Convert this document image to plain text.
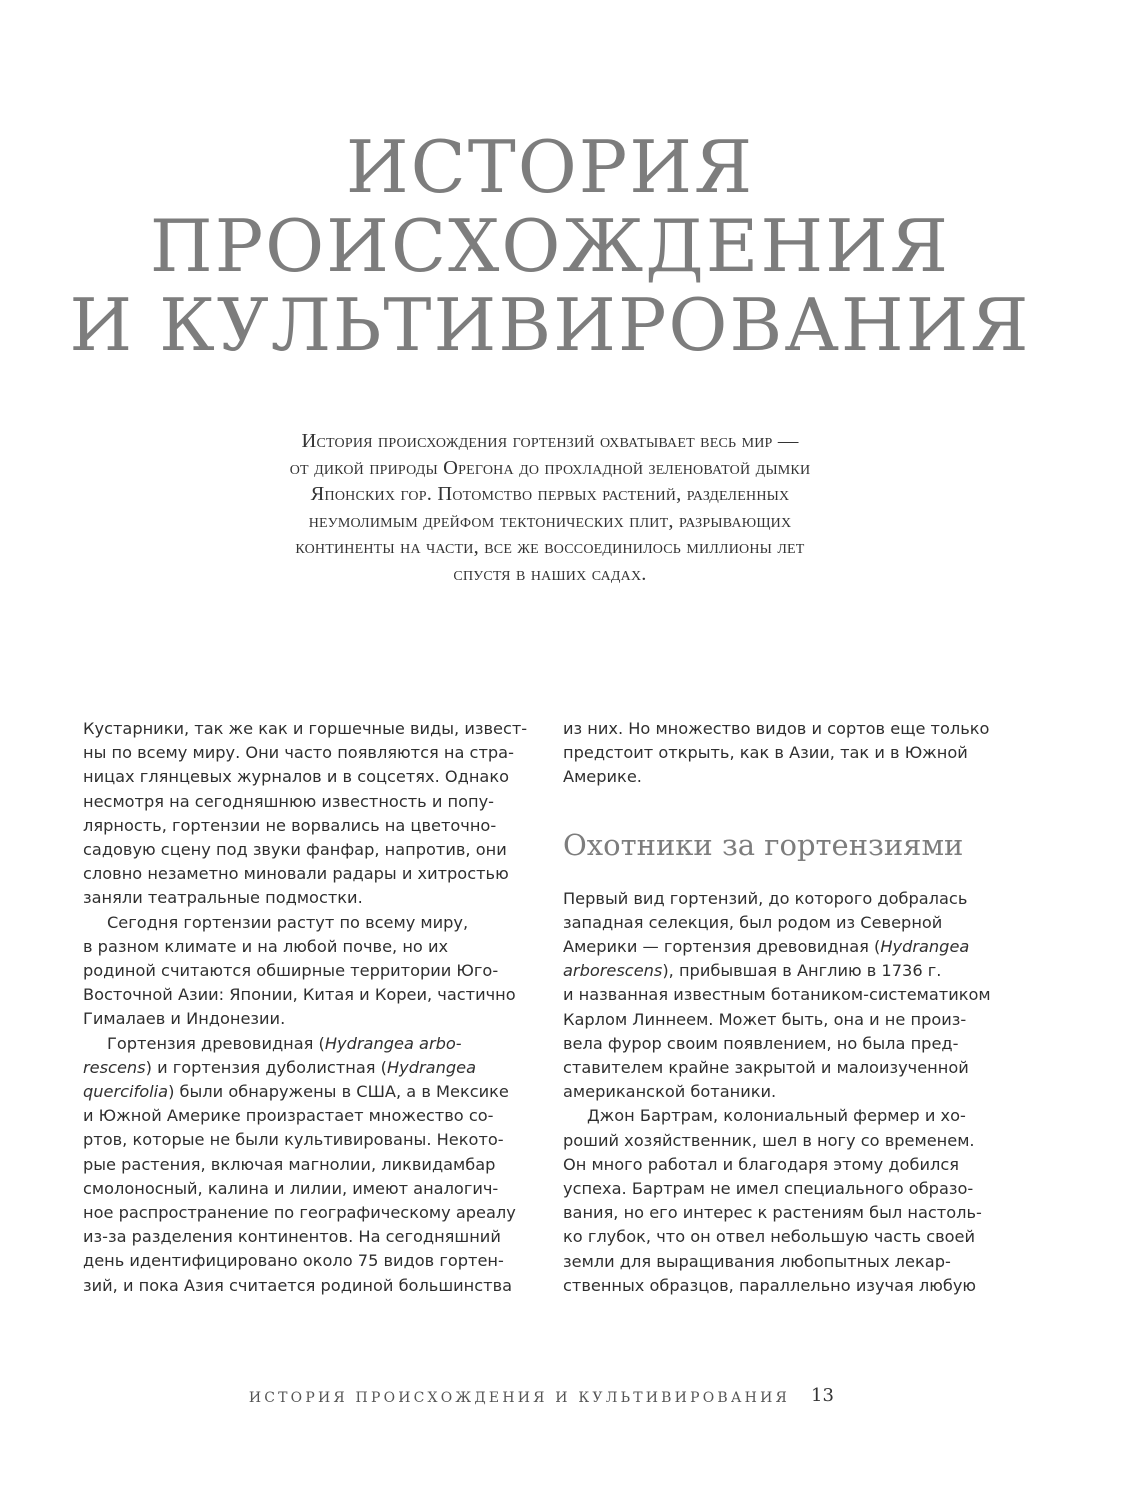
ИСТОРИЯ
ПРОИСХОЖДЕНИЯ
И КУЛЬТИВИРОВАНИЯ
История происхождения гортензий охватывает весь мир —
от дикой природы Орегона до прохладной зеленоватой дымки
Японских гор. Потомство первых растений, разделенных
неумолимым дрейфом тектонических плит, разрывающих
континенты на части, все же воссоединилось миллионы лет
спустя в наших садах.
Кустарники, так же как и горшечные виды, извест-
ны по всему миру. Они часто появляются на стра-
ницах глянцевых журналов и в соцсетях. Однако
несмотря на сегодняшнюю известность и попу-
лярность, гортензии не ворвались на цветочно-
садовую сцену под звуки фанфар, напротив, они
словно незаметно миновали радары и хитростью
заняли театральные подмостки.
Сегодня гортензии растут по всему миру,
в разном климате и на любой почве, но их
родиной считаются обширные территории Юго-
Восточной Азии: Японии, Китая и Кореи, частично
Гималаев и Индонезии.
Гортензия древовидная (Hydrangea arbo-
rescens) и гортензия дуболистная (Hydrangea
quercifolia) были обнаружены в США, а в Мексике
и Южной Америке произрастает множество со-
ртов, которые не были культивированы. Некото-
рые растения, включая магнолии, ликвидамбар
смолоносный, калина и лилии, имеют аналогич-
ное распространение по географическому ареалу
из-за разделения континентов. На сегодняшний
день идентифицировано около 75 видов гортен-
зий, и пока Азия считается родиной большинства
из них. Но множество видов и сортов еще только
предстоит открыть, как в Азии, так и в Южной
Америке.
Охотники за гортензиями
Первый вид гортензий, до которого добралась
западная селекция, был родом из Северной
Америки — гортензия древовидная (Hydrangea
arborescens), прибывшая в Англию в 1736 г.
и названная известным ботаником-систематиком
Карлом Линнеем. Может быть, она и не произ-
вела фурор своим появлением, но была пред-
ставителем крайне закрытой и малоизученной
американской ботаники.
Джон Бартрам, колониальный фермер и хо-
роший хозяйственник, шел в ногу со временем.
Он много работал и благодаря этому добился
успеха. Бартрам не имел специального образо-
вания, но его интерес к растениям был настоль-
ко глубок, что он отвел небольшую часть своей
земли для выращивания любопытных лекар-
ственных образцов, параллельно изучая любую
ИСТОРИЯ ПРОИСХОЖДЕНИЯ И КУЛЬТИВИРОВАНИЯ	13
